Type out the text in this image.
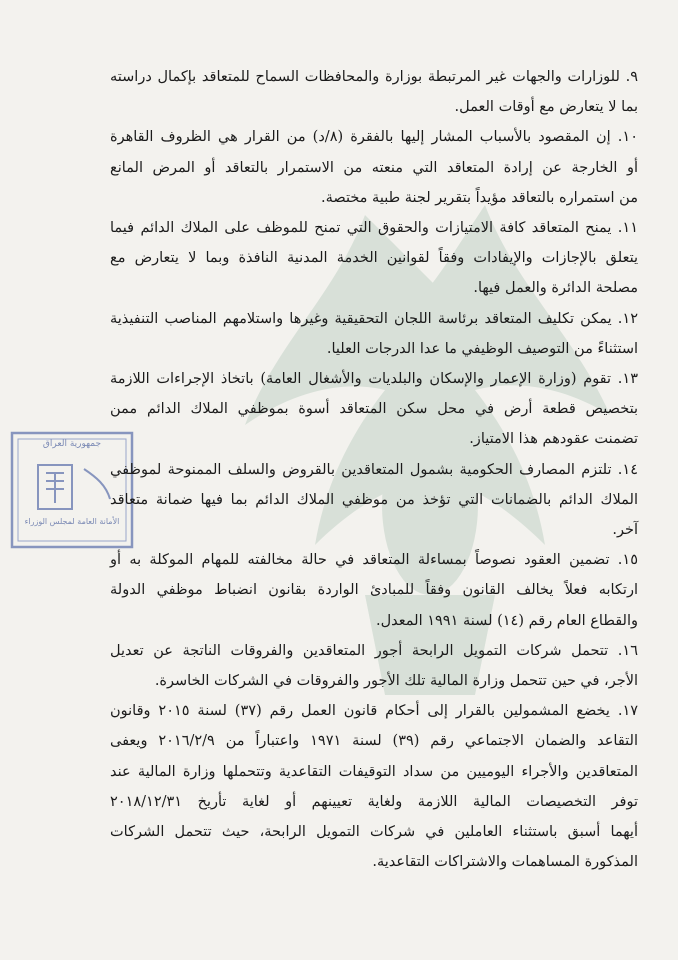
جمهورية العراق
الأمانة العامة لمجلس الوزراء
٩. للوزارات والجهات غير المرتبطة بوزارة والمحافظات السماح للمتعاقد بإكمال دراسته
بما لا يتعارض مع أوقات العمل.
١٠. إن المقصود بالأسباب المشار إليها بالفقرة (٨/د) من القرار هي الظروف القاهرة
أو الخارجة عن إرادة المتعاقد التي منعته من الاستمرار بالتعاقد أو المرض المانع
من استمراره بالتعاقد مؤيداً بتقرير لجنة طبية مختصة.
١١. يمنح المتعاقد كافة الامتيازات والحقوق التي تمنح للموظف على الملاك الدائم فيما
يتعلق بالإجازات والإيفادات وفقاً لقوانين الخدمة المدنية النافذة وبما لا يتعارض مع
مصلحة الدائرة والعمل فيها.
١٢. يمكن تكليف المتعاقد برئاسة اللجان التحقيقية وغيرها واستلامهم المناصب التنفيذية
استثناءً من التوصيف الوظيفي ما عدا الدرجات العليا.
١٣. تقوم (وزارة الإعمار والإسكان والبلديات والأشغال العامة) باتخاذ الإجراءات اللازمة
بتخصيص قطعة أرض في محل سكن المتعاقد أسوة بموظفي الملاك الدائم ممن
تضمنت عقودهم هذا الامتياز.
١٤. تلتزم المصارف الحكومية بشمول المتعاقدين بالقروض والسلف الممنوحة لموظفي
الملاك الدائم بالضمانات التي تؤخذ من موظفي الملاك الدائم بما فيها ضمانة متعاقد
آخر.
١٥. تضمين العقود نصوصاً بمساءلة المتعاقد في حالة مخالفته للمهام الموكلة به أو
ارتكابه فعلاً يخالف القانون وفقاً للمبادئ الواردة بقانون انضباط موظفي الدولة
والقطاع العام رقم (١٤) لسنة ١٩٩١ المعدل.
١٦. تتحمل شركات التمويل الرابحة أجور المتعاقدين والفروقات الناتجة عن تعديل
الأجر، في حين تتحمل وزارة المالية تلك الأجور والفروقات في الشركات الخاسرة.
١٧. يخضع المشمولين بالقرار إلى أحكام قانون العمل رقم (٣٧) لسنة ٢٠١٥ وقانون
التقاعد والضمان الاجتماعي رقم (٣٩) لسنة ١٩٧١ واعتباراً من ٢٠١٦/٢/٩ ويعفى
المتعاقدين والأجراء اليوميين من سداد التوقيفات التقاعدية وتتحملها وزارة المالية عند
توفر التخصيصات المالية اللازمة ولغاية تعيينهم أو لغاية تأريخ ٢٠١٨/١٢/٣١
أيهما أسبق باستثناء العاملين في شركات التمويل الرابحة، حيث تتحمل الشركات
المذكورة المساهمات والاشتراكات التقاعدية.
